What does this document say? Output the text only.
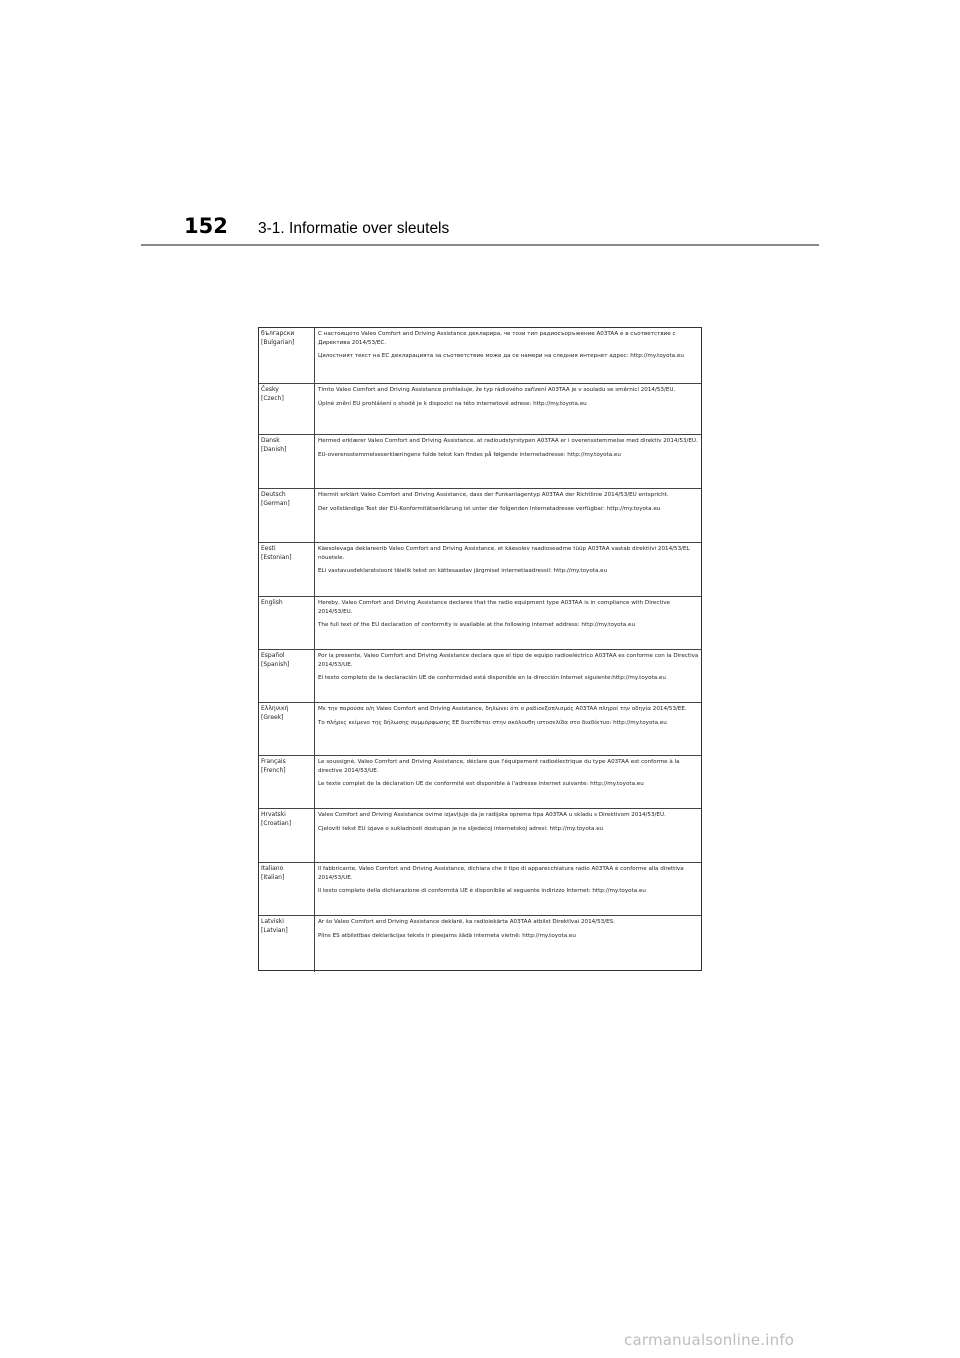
152 3-1. Informatie over sleutels
български
[Bulgarian]

С настоящото Valeo Comfort and Driving Assistance декларира, че този тип радиосъоръжение A03TAA е в съответствие с Директива 2014/53/ЕС.

Цялостният текст на ЕС декларацията за съответствие може да се намери на следния интернет адрес: http://my.toyota.eu

Česky
[Czech]

Tímto Valeo Comfort and Driving Assistance prohlašuje, že typ rádiového zařízení A03TAA je v souladu se směrnicí 2014/53/EU.

Úplné znění EU prohlášení o shodě je k dispozici na této internetové adrese: http://my.toyota.eu

Dansk
[Danish]

Hermed erklærer Valeo Comfort and Driving Assistance, at radioudstyrstypen A03TAA er i overensstemmelse med direktiv 2014/53/EU.

EU-overensstemmelseserklæringens fulde tekst kan findes på følgende internetadresse: http://my.toyota.eu

Deutsch
[German]

Hiermit erklärt Valeo Comfort and Driving Assistance, dass der Funkanlagentyp A03TAA der Richtlinie 2014/53/EU entspricht.

Der vollständige Text der EU-Konformitätserklärung ist unter der folgenden Internetadresse verfügbar: http://my.toyota.eu

Eesti
[Estonian]

Käesolevaga deklareerib Valeo Comfort and Driving Assistance, et käesolev raadioseadme tüüp A03TAA vastab direktiivi 2014/53/EL nõuetele.

ELi vastavusdeklaratsiooni täielik tekst on kättesaadav järgmisel internetiaadressil: http://my.toyota.eu

English	Hereby, Valeo Comfort and Driving Assistance declares that the radio equipment type A03TAA is in compliance with Directive 2014/53/EU.

The full text of the EU declaration of conformity is available at the following internet address: http://my.toyota.eu

Español
[Spanish]

Por la presente, Valeo Comfort and Driving Assistance declara que el tipo de equipo radioeléctrico A03TAA es conforme con la Directiva 2014/53/UE.

El texto completo de la declaración UE de conformidad está disponible en la dirección Internet siguiente:http://my.toyota.eu

Ελληνική
[Greek]

Με την παρούσα ο/η Valeo Comfort and Driving Assistance, δηλώνει ότι ο ραδιοεξοπλισμός A03TAA πληροί την οδηγία 2014/53/ΕΕ.

Το πλήρες κείμενο της δήλωσης συμμόρφωσης ΕΕ διατίθεται στην ακόλουθη ιστοσελίδα στο διαδίκτυο: http://my.toyota.eu

Français
[French]

Le soussigné, Valeo Comfort and Driving Assistance, déclare que l'équipement radioélectrique du type A03TAA est conforme à la directive 2014/53/UE.

Le texte complet de la déclaration UE de conformité est disponible à l'adresse internet suivante: http://my.toyota.eu

Hrvatski
[Croatian]

Valeo Comfort and Driving Assistance ovime izjavljuje da je radijska oprema tipa A03TAA u skladu s Direktivom 2014/53/EU.

Cjeloviti tekst EU izjave o sukladnosti dostupan je na sljedećoj internetskoj adresi: http://my.toyota.eu

Italiano
[Italian]

Il fabbricante, Valeo Comfort and Driving Assistance, dichiara che il tipo di apparecchiatura radio A03TAA è conforme alla direttiva 2014/53/UE.

Il testo completo della dichiarazione di conformità UE è disponibile al seguente indirizzo Internet: http://my.toyota.eu

Latviski
[Latvian]

Ar šo Valeo Comfort and Driving Assistance deklarē, ka radioiekārta A03TAA atbilst Direktīvai 2014/53/ES.

Pilns ES atbilstības deklarācijas teksts ir pieejams šādā interneta vietnē: http://my.toyota.eu

carmanualsonline.info
